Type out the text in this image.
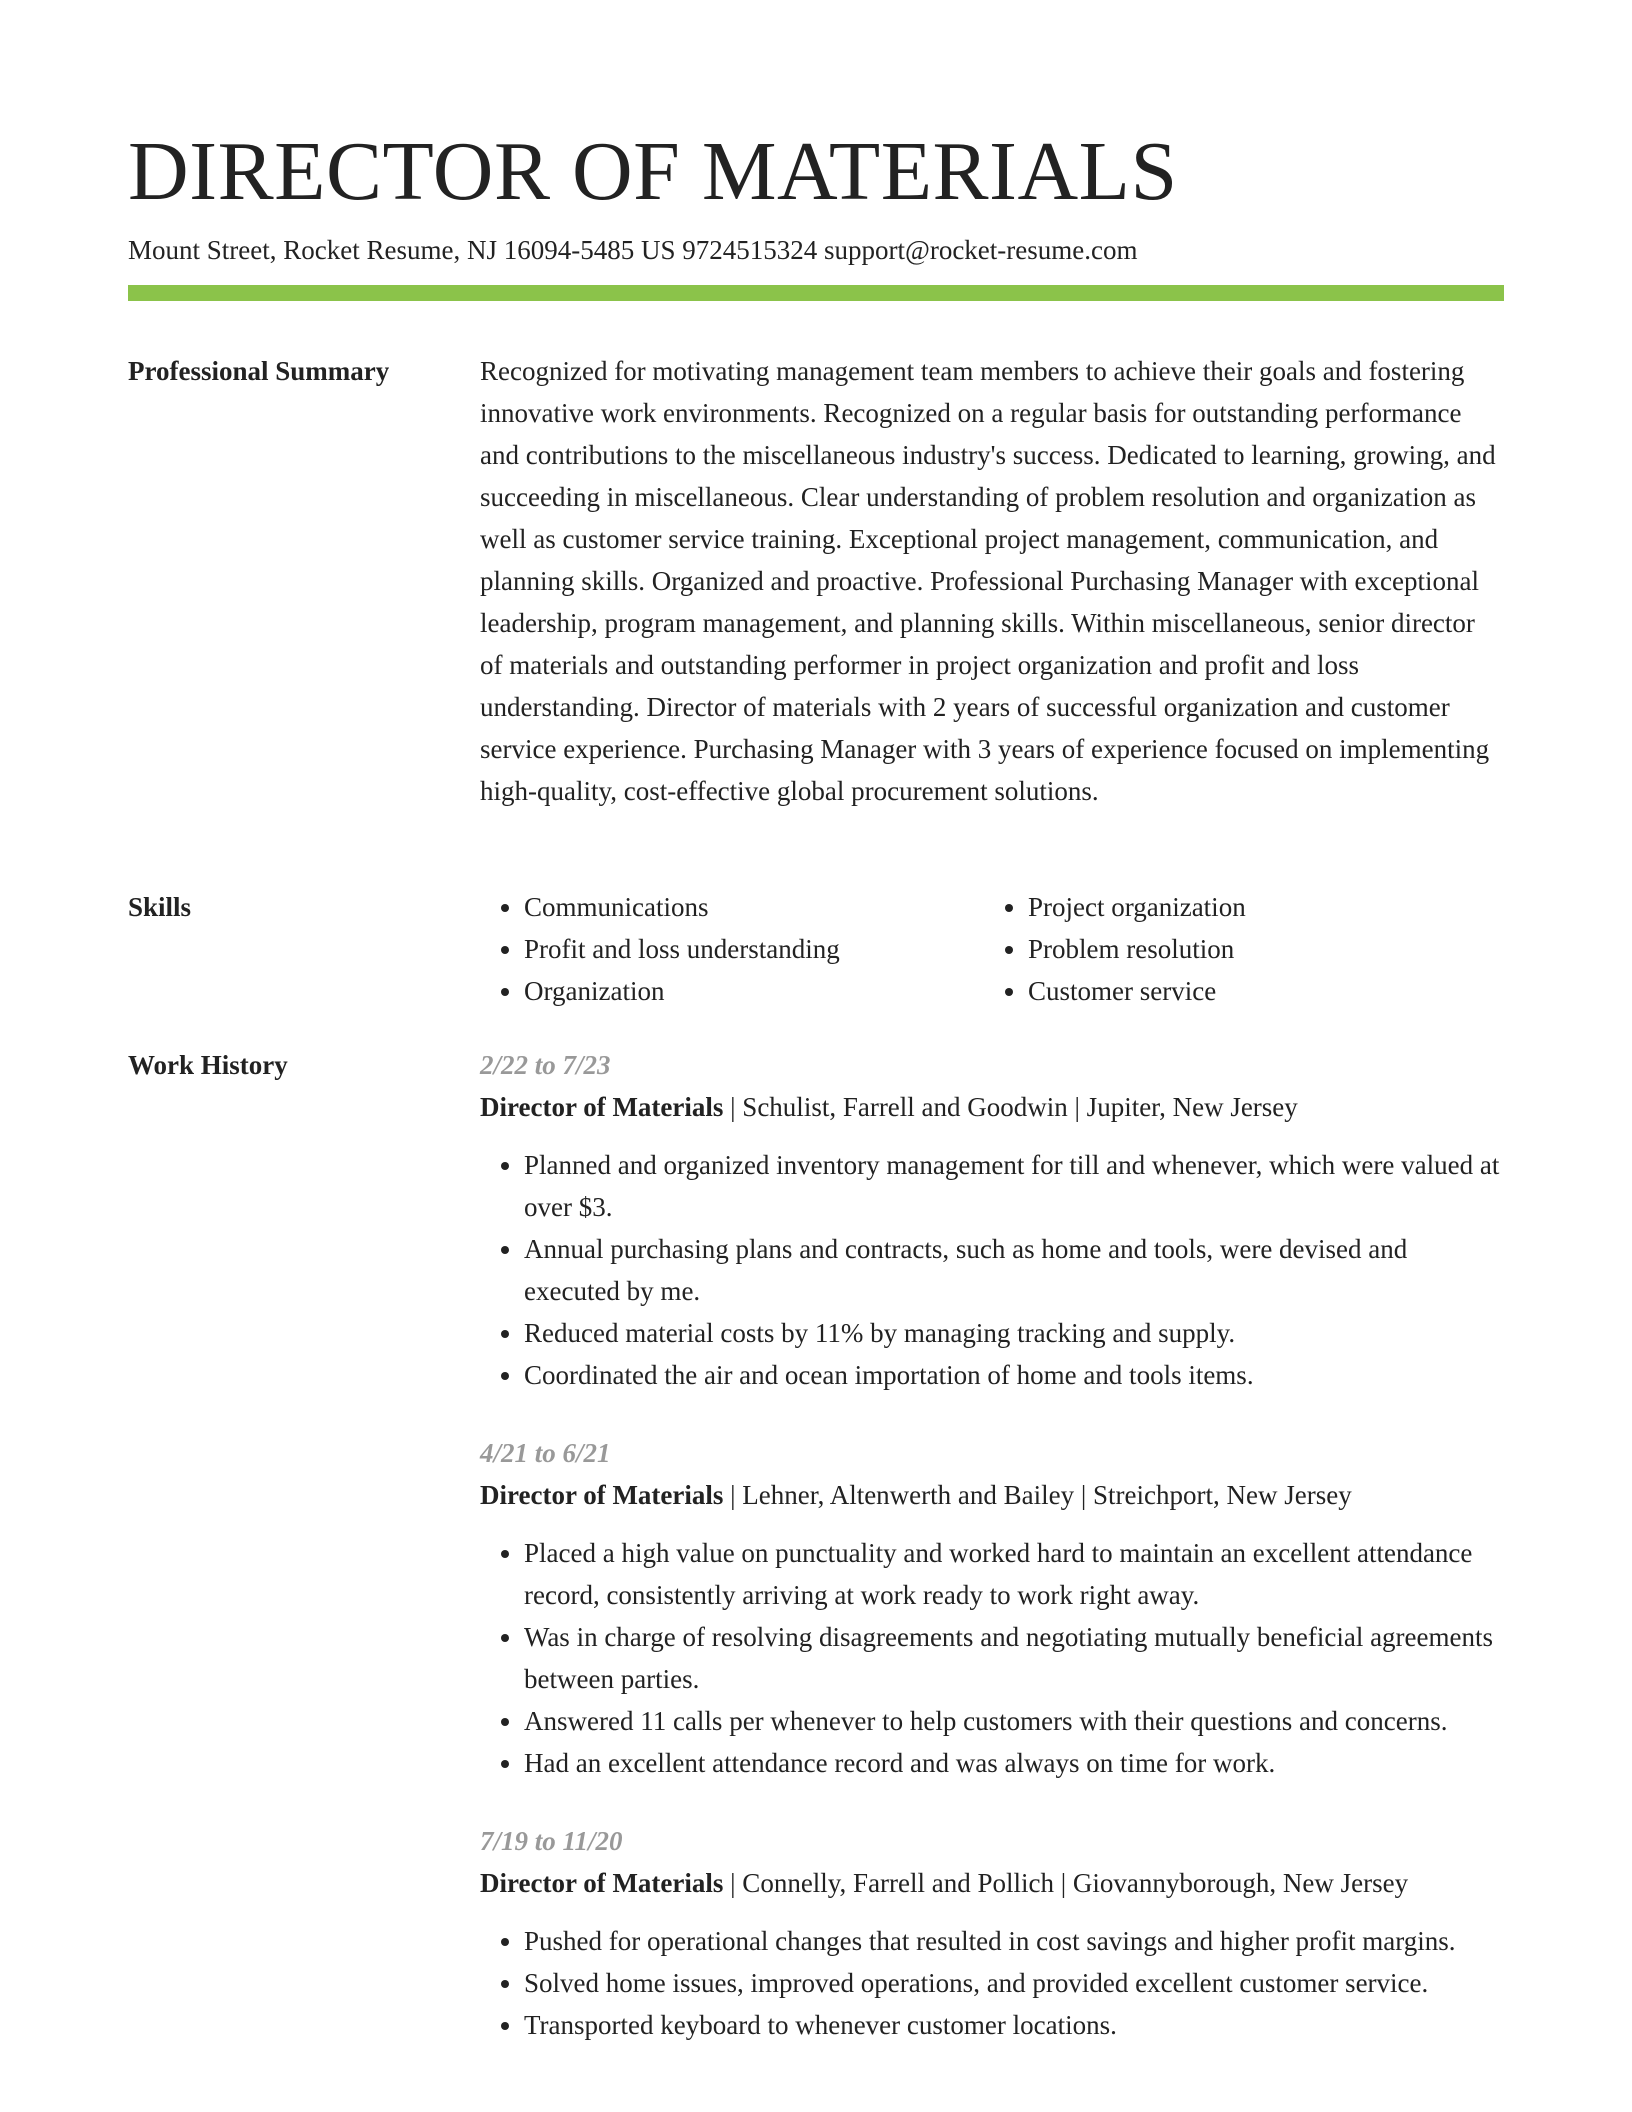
DIRECTOR OF MATERIALS
Mount Street, Rocket Resume, NJ 16094-5485 US 9724515324 support@rocket-resume.com
Professional Summary	Recognized for motivating management team members to achieve their goals and fostering innovative work environments. Recognized on a regular basis for outstanding performance and contributions to the miscellaneous industry's success. Dedicated to learning, growing, and succeeding in miscellaneous. Clear understanding of problem resolution and organization as well as customer service training. Exceptional project management, communication, and planning skills. Organized and proactive. Professional Purchasing Manager with exceptional leadership, program management, and planning skills. Within miscellaneous, senior director of materials and outstanding performer in project organization and profit and loss understanding. Director of materials with 2 years of successful organization and customer service experience. Purchasing Manager with 3 years of experience focused on implementing high-quality, cost-effective global procurement solutions.

Skills
•	Communications
• Profit and loss understanding
• Organization
• Project organization
• Problem resolution
• Customer service
Work History	2/22 to 7/23
Director of Materials | Schulist, Farrell and Goodwin | Jupiter, New Jersey
• Planned and organized inventory management for till and whenever, which were valued at over $3.
• Annual purchasing plans and contracts, such as home and tools, were devised and executed by me.
• Reduced material costs by 11% by managing tracking and supply.
• Coordinated the air and ocean importation of home and tools items.
4/21 to 6/21
Director of Materials | Lehner, Altenwerth and Bailey | Streichport, New Jersey
• Placed a high value on punctuality and worked hard to maintain an excellent attendance record, consistently arriving at work ready to work right away.
• Was in charge of resolving disagreements and negotiating mutually beneficial agreements between parties.
• Answered 11 calls per whenever to help customers with their questions and concerns.
• Had an excellent attendance record and was always on time for work.
7/19 to 11/20
Director of Materials | Connelly, Farrell and Pollich | Giovannyborough, New Jersey
• Pushed for operational changes that resulted in cost savings and higher profit margins.
• Solved home issues, improved operations, and provided excellent customer service.
• Transported keyboard to whenever customer locations.
